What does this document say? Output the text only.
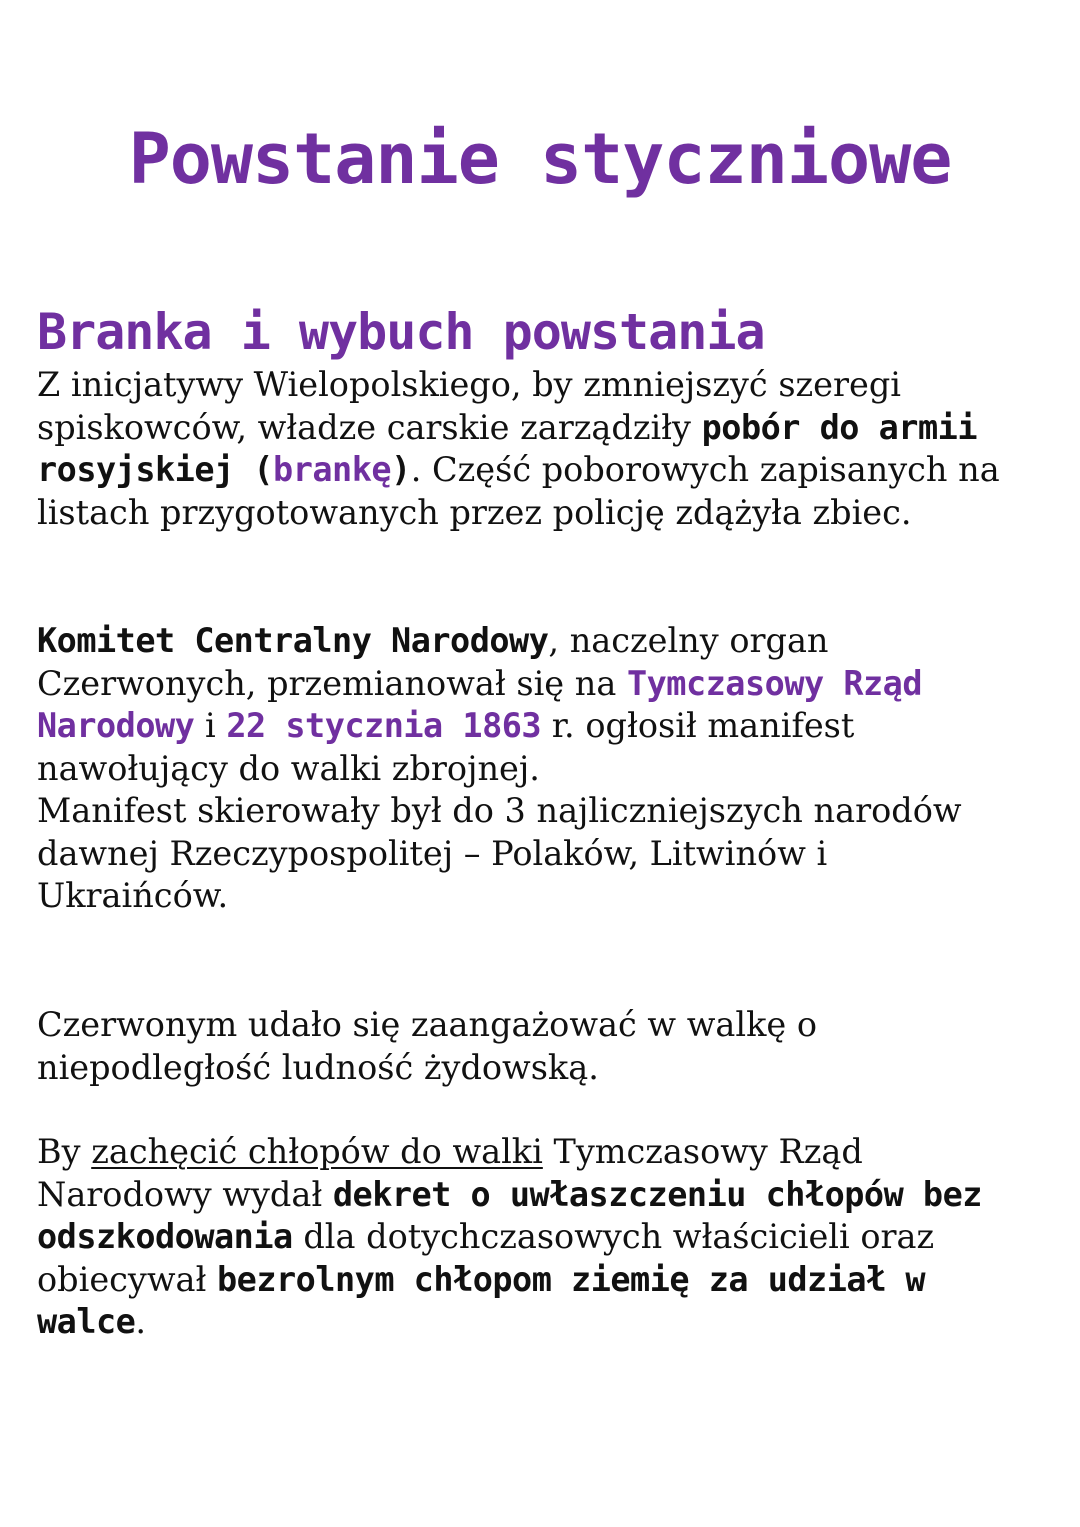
Powstanie styczniowe
Branka i wybuch powstania

Z inicjatywy Wielopolskiego, by zmniejszyć szeregi
spiskowców, władze carskie zarządziły pobór do armii
rosyjskiej (brankę). Część poborowych zapisanych na
listach przygotowanych przez policję zdążyła zbiec.

Komitet Centralny Narodowy, naczelny organ
Czerwonych, przemianował się na Tymczasowy Rząd
Narodowy i 22 stycznia 1863 r. ogłosił manifest
nawołujący do walki zbrojnej.
Manifest skierowały był do 3 najliczniejszych narodów
dawnej Rzeczypospolitej – Polaków, Litwinów i
Ukraińców.

Czerwonym udało się zaangażować w walkę o
niepodległość ludność żydowską.

By zachęcić chłopów do walki Tymczasowy Rząd
Narodowy wydał dekret o uwłaszczeniu chłopów bez
odszkodowania dla dotychczasowych właścicieli oraz
obiecywał bezrolnym chłopom ziemię za udział w
walce.
